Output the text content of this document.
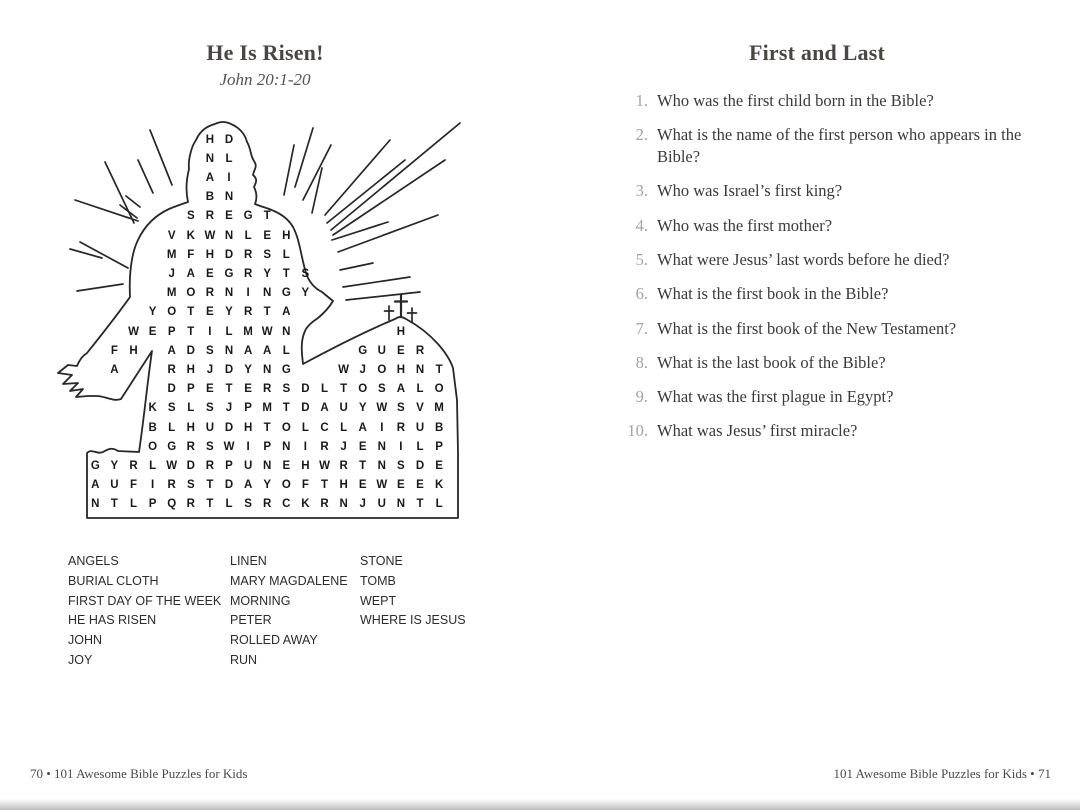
He Is Risen!
John 20:1-20
H D
N L
A	I
B N
S R E G T
V K W N L	E H
M F H D R S	L
J	A E G R Y	T	S
M O R N	I	N G Y
Y O T	E Y R T A
W E P	T	I	L M W N	H
F H	A D S N A A L	G U E R
A	R H	J	D Y N G	W J O H N T
D P E	T	E R S D L	T O S A L O
K S	L	S	J	P M T D A U Y W S V M
B L H U D H T O L C L A	I	R U B
O G R S W	I	P N	I	R	J	E N	I	L	P
G Y R L W D R P U N E H W R T N S D E
A U F	I	R S	T D A Y O F	T H E W E E K
N T	L	P Q R T	L	S R C K R N	J	U N T	L
ANGELS
BURIAL CLOTH
FIRST DAY OF THE WEEK
HE HAS RISEN
JOHN
JOY
LINEN
MARY MAGDALENE
MORNING
PETER
ROLLED AWAY
RUN
STONE
TOMB
WEPT
WHERE IS JESUS
70 • 101 Awesome Bible Puzzles for Kids
First and Last
1. Who was the first child born in the Bible?
2. What is the name of the first person who appears in the Bible?
3. Who was Israel’s first king?
4. Who was the first mother?
5. What were Jesus’ last words before he died?
6. What is the first book in the Bible?
7. What is the first book of the New Testament?
8. What is the last book of the Bible?
9. What was the first plague in Egypt?
10. What was Jesus’ first miracle?
101 Awesome Bible Puzzles for Kids • 71
